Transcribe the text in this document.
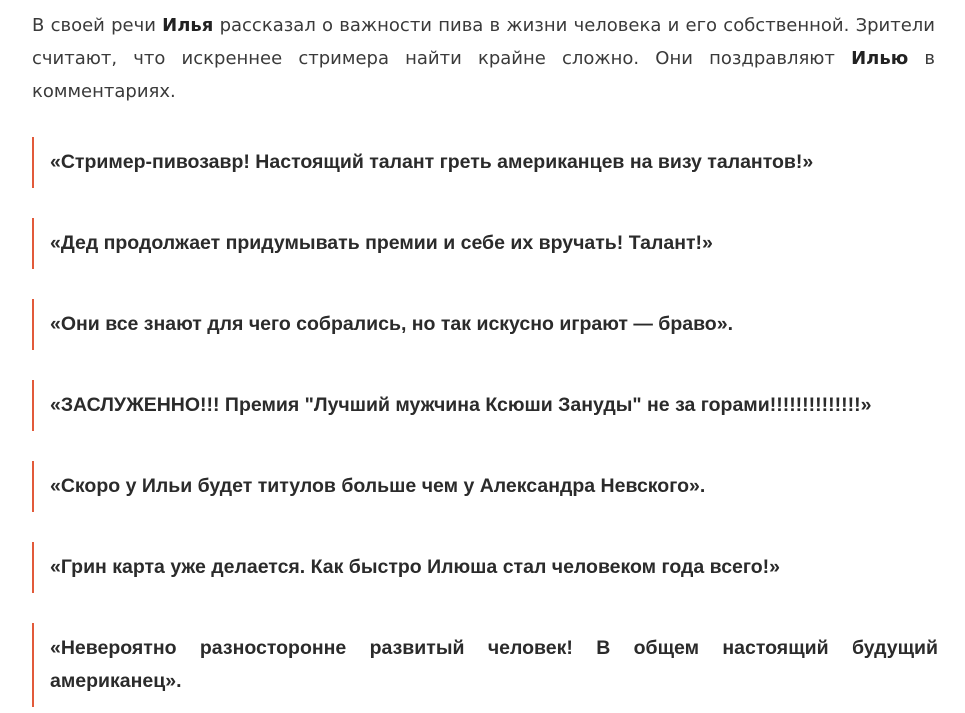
В своей речи Илья рассказал о важности пива в жизни человека и его собственной. Зрители считают, что искреннее стримера найти крайне сложно. Они поздравляют Илью в комментариях.

«Стример-пивозавр! Настоящий талант греть американцев на визу талантов!»
«Дед продолжает придумывать премии и себе их вручать! Талант!»
«Они все знают для чего собрались, но так искусно играют — браво».
«ЗАСЛУЖЕННО!!! Премия "Лучший мужчина Ксюши Зануды" не за горами!!!!!!!!!!!!!!»
«Скоро у Ильи будет титулов больше чем у Александра Невского».
«Грин карта уже делается. Как быстро Илюша стал человеком года всего!»
«Невероятно разносторонне развитый человек! В общем настоящий будущий американец».
